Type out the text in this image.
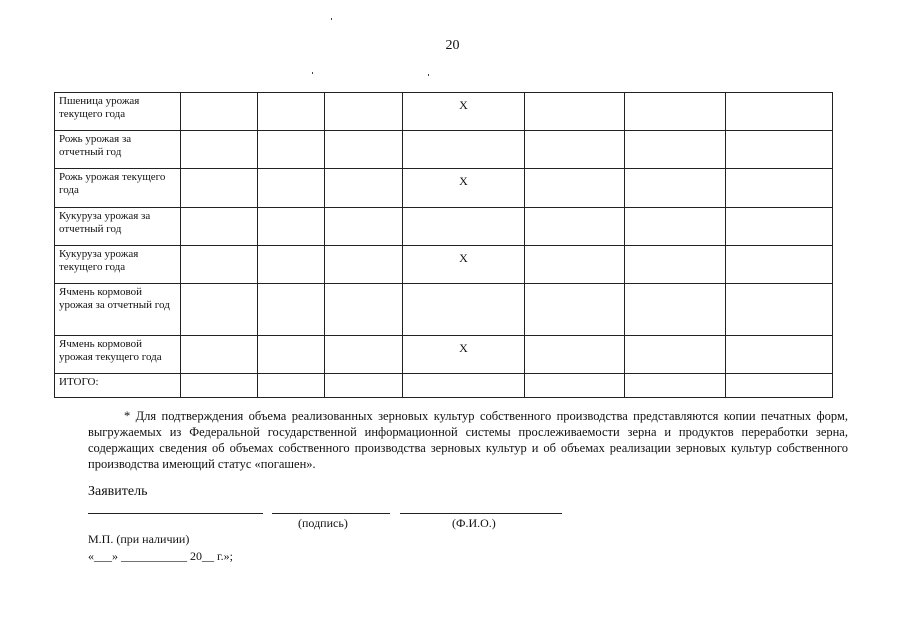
20
Пшеница урожая текущего года				X			
Рожь урожая за отчетный год							
Рожь урожая текущего года				X			
Кукуруза урожая за отчетный год							
Кукуруза урожая текущего года				X			
Ячмень кормовой урожая за отчетный год							
Ячмень кормовой урожая текущего года				X			
ИТОГО:							
* Для подтверждения объема реализованных зерновых культур собственного производства представляются копии печатных форм, выгружаемых из Федеральной государственной информационной системы прослеживаемости зерна и продуктов переработки зерна, содержащих сведения об объемах собственного производства зерновых культур и об объемах реализации зерновых культур собственного производства имеющий статус «погашен».
Заявитель
(подпись)	(Ф.И.О.)
М.П. (при наличии)
«___» ___________ 20__ г.»;
